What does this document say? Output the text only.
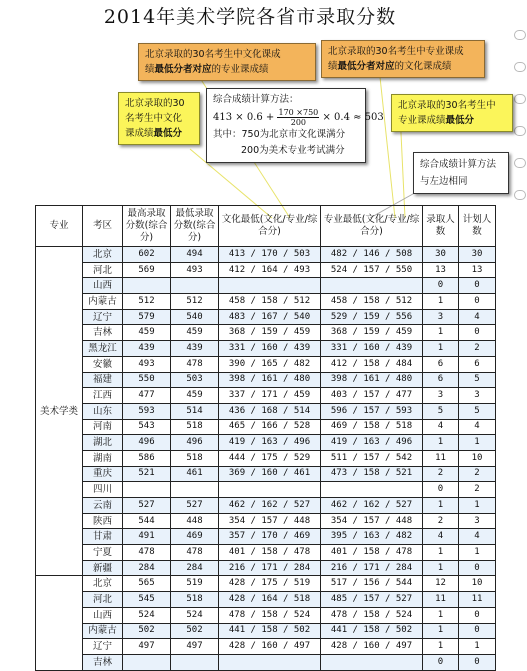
2014年美术学院各省市录取分数
北京录取的30名考生中文化课成
绩最低分者对应的专业课成绩
北京录取的30名考生中专业课成
绩最低分者对应的文化课成绩
北京录取的30
名考生中文化
课成绩最低分
北京录取的30名考生中
专业课成绩最低分
综合成绩计算方法：
$413 \times 0.6 + \frac{170 \times 750}{200} \times 0.4 \approx 503$
其中：750为北京市文化课满分
200为美术专业考试满分
综合成绩计算方法
与左边相同
专业	考区	最高录取分数(综合分)	最低录取分数(综合分)	文化最低(文化/专业/综合分)	专业最低(文化/专业/综合分)	录取人数	计划人数
美术学类	北京	602	494	413 / 170 / 503	482 / 146 / 508	30	30
	河北	569	493	412 / 164 / 493	524 / 157 / 550	13	13
	山西					0	0
	内蒙古	512	512	458 / 158 / 512	458 / 158 / 512	1	0
	辽宁	579	540	483 / 167 / 540	529 / 159 / 556	3	4
	吉林	459	459	368 / 159 / 459	368 / 159 / 459	1	0
	黑龙江	439	439	331 / 160 / 439	331 / 160 / 439	1	2
	安徽	493	478	390 / 165 / 482	412 / 158 / 484	6	6
	福建	550	503	398 / 161 / 480	398 / 161 / 480	6	5
	江西	477	459	337 / 171 / 459	403 / 157 / 477	3	3
	山东	593	514	436 / 168 / 514	596 / 157 / 593	5	5
	河南	543	518	465 / 166 / 528	469 / 158 / 518	4	4
	湖北	496	496	419 / 163 / 496	419 / 163 / 496	1	1
	湖南	586	518	444 / 175 / 529	511 / 157 / 542	11	10
	重庆	521	461	369 / 160 / 461	473 / 158 / 521	2	2
	四川					0	2
	云南	527	527	462 / 162 / 527	462 / 162 / 527	1	1
	陕西	544	448	354 / 157 / 448	354 / 157 / 448	2	3
	甘肃	491	469	357 / 170 / 469	395 / 163 / 482	4	4
	宁夏	478	478	401 / 158 / 478	401 / 158 / 478	1	1
	新疆	284	284	216 / 171 / 284	216 / 171 / 284	1	0
	北京	565	519	428 / 175 / 519	517 / 156 / 544	12	10
	河北	545	518	428 / 164 / 518	485 / 157 / 527	11	11
	山西	524	524	478 / 158 / 524	478 / 158 / 524	1	0
	内蒙古	502	502	441 / 158 / 502	441 / 158 / 502	1	0
	辽宁	497	497	428 / 160 / 497	428 / 160 / 497	1	1
	吉林					0	0
